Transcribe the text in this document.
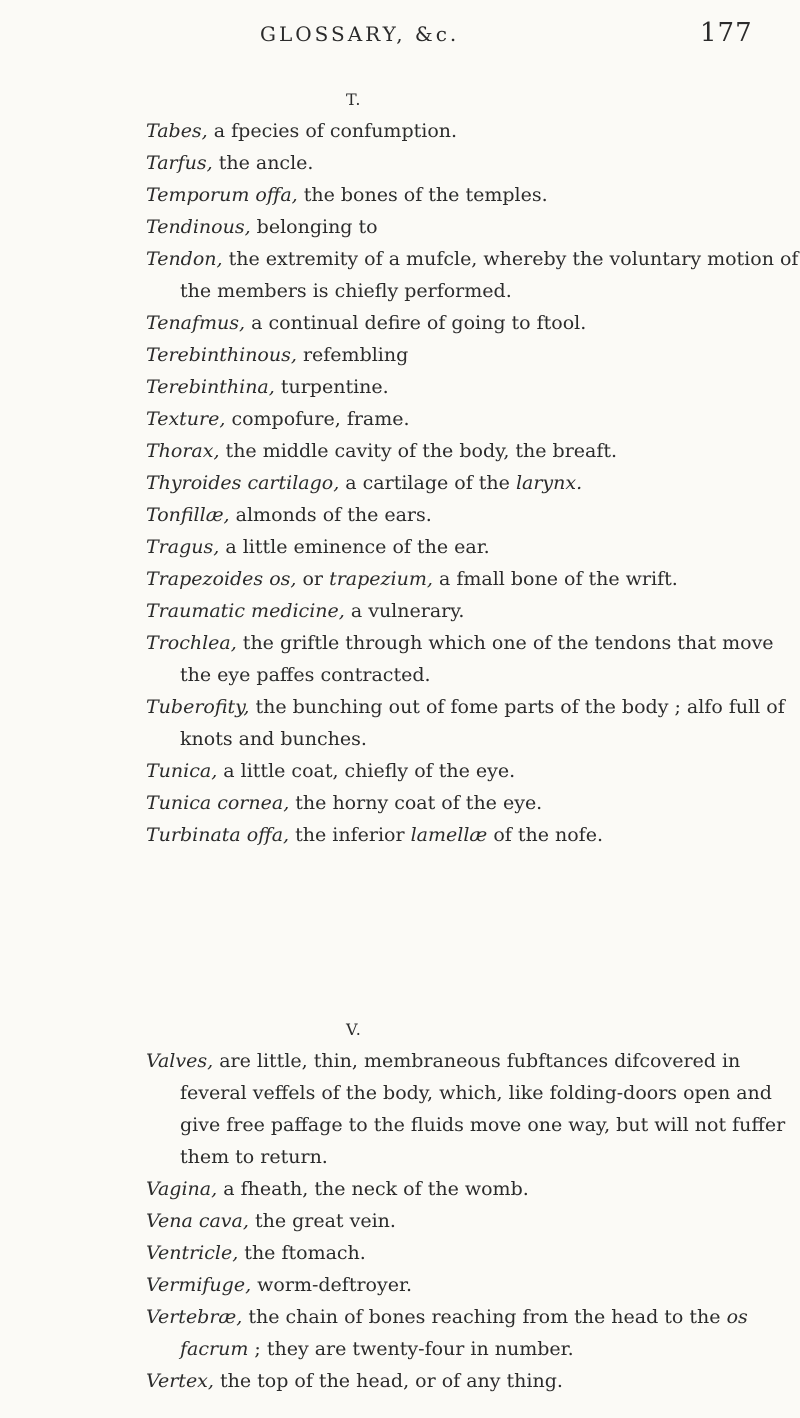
GLOSSARY, &c.	177
T.
Tabes, a fpecies of confumption.
Tarfus, the ancle.
Temporum offa, the bones of the temples.
Tendinous, belonging to
Tendon, the extremity of a mufcle, whereby the voluntary motion of the members is chiefly performed.
Tenafmus, a continual defire of going to ftool.
Terebinthinous, refembling
Terebinthina, turpentine.
Texture, compofure, frame.
Thorax, the middle cavity of the body, the breaft.
Thyroides cartilago, a cartilage of the larynx.
Tonfillæ, almonds of the ears.
Tragus, a little eminence of the ear.
Trapezoides os, or trapezium, a fmall bone of the wrift.
Traumatic medicine, a vulnerary.
Trochlea, the griftle through which one of the tendons that move the eye paffes contracted.
Tuberofity, the bunching out of fome parts of the body ; alfo full of knots and bunches.
Tunica, a little coat, chiefly of the eye.
Tunica cornea, the horny coat of the eye.
Turbinata offa, the inferior lamellæ of the nofe.
V.
Valves, are little, thin, membraneous fubftances difcovered in feveral veffels of the body, which, like folding-doors open and give free paffage to the fluids move one way, but will not fuffer them to return.
Vagina, a fheath, the neck of the womb.
Vena cava, the great vein.
Ventricle, the ftomach.
Vermifuge, worm-deftroyer.
Vertebræ, the chain of bones reaching from the head to the os facrum ; they are twenty-four in number.
Vertex, the top of the head, or of any thing.
